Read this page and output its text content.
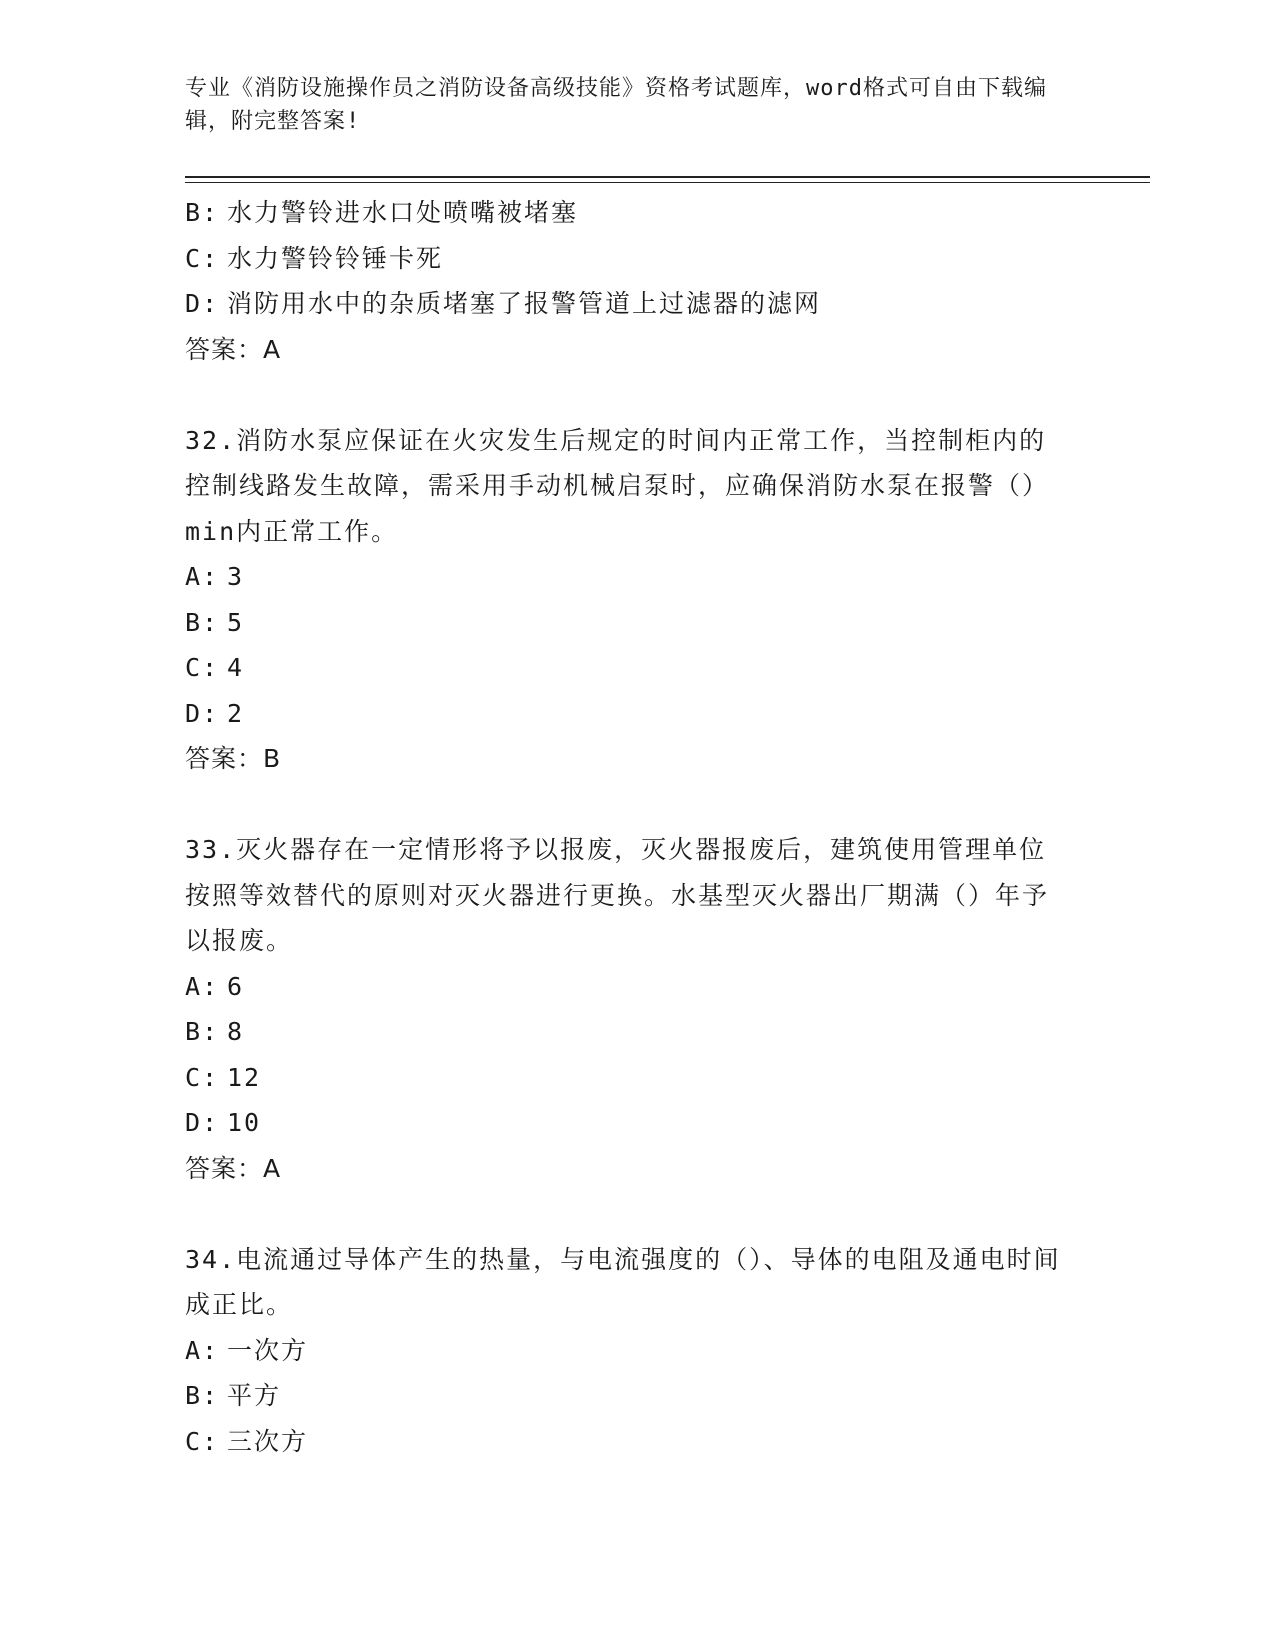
专业《消防设施操作员之消防设备高级技能》资格考试题库，word格式可自由下载编辑，附完整答案!
B: 水力警铃进水口处喷嘴被堵塞
C: 水力警铃铃锤卡死
D: 消防用水中的杂质堵塞了报警管道上过滤器的滤网
答案：A
32.消防水泵应保证在火灾发生后规定的时间内正常工作，当控制柜内的控制线路发生故障，需采用手动机械启泵时，应确保消防水泵在报警（）min内正常工作。
A: 3
B: 5
C: 4
D: 2
答案：B
33.灭火器存在一定情形将予以报废，灭火器报废后，建筑使用管理单位按照等效替代的原则对灭火器进行更换。水基型灭火器出厂期满（）年予以报废。
A: 6
B: 8
C: 12
D: 10
答案：A
34.电流通过导体产生的热量，与电流强度的（）、导体的电阻及通电时间成正比。
A: 一次方
B: 平方
C: 三次方
